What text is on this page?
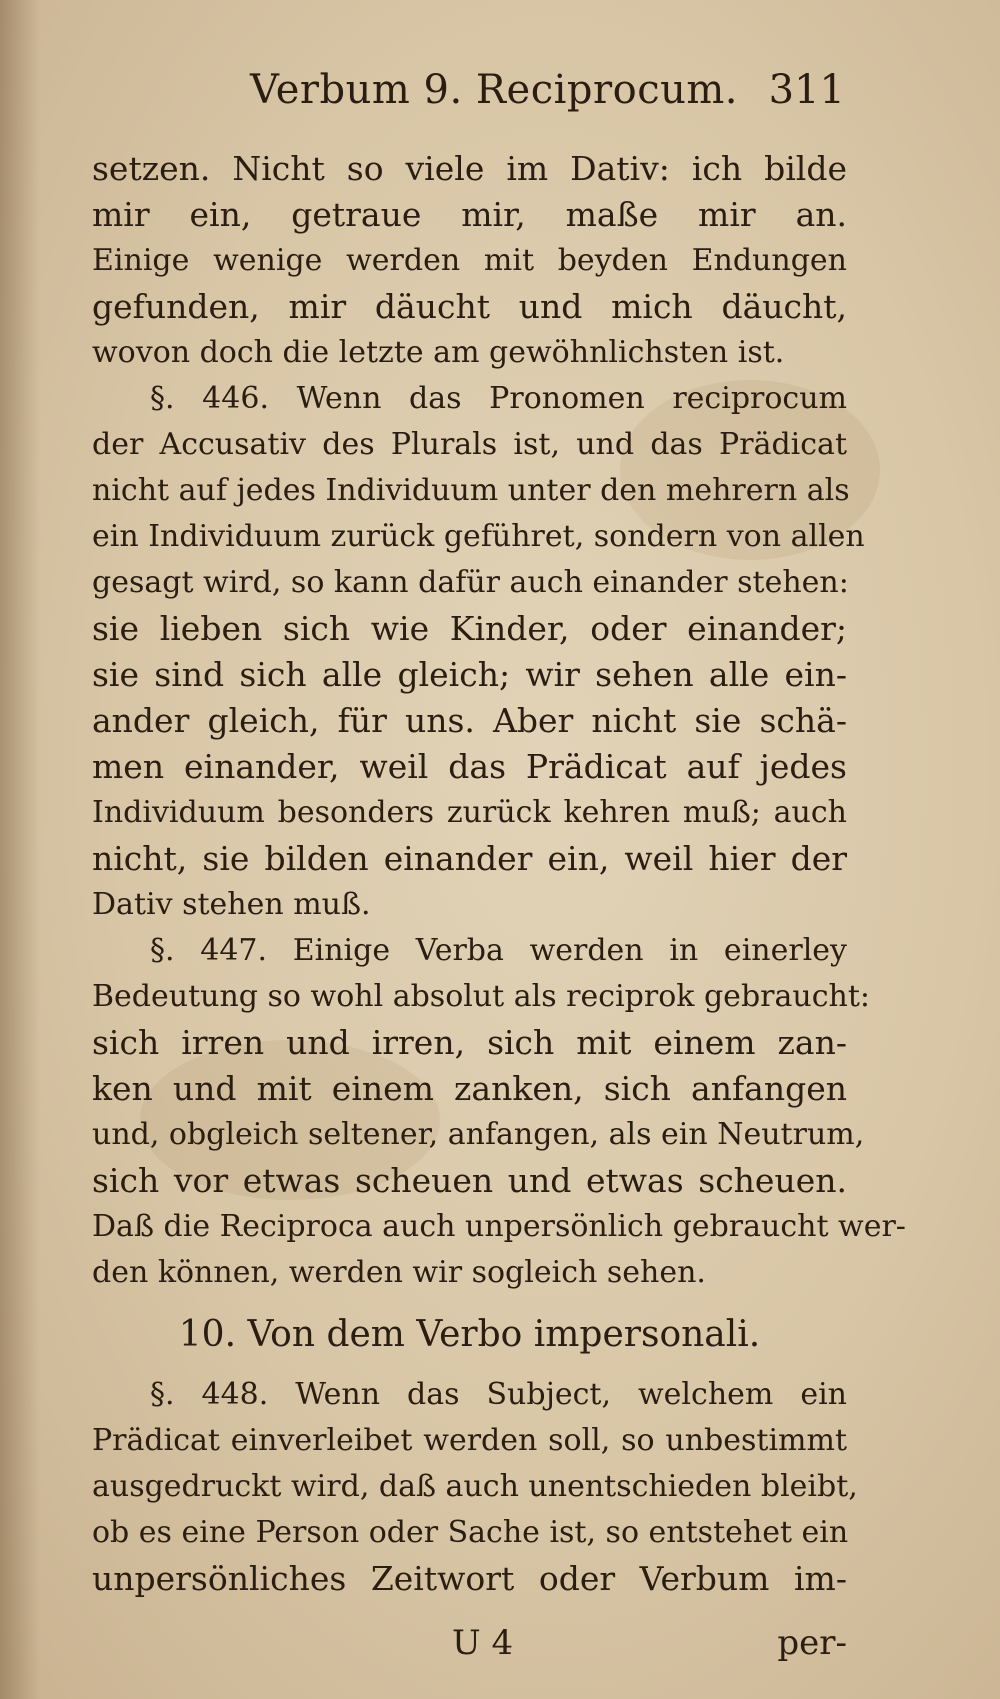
Verbum 9. Reciprocum. 311
setzen. Nicht so viele im Dativ: ich bilde
mir ein, getraue mir, maße mir an.
Einige wenige werden mit beyden Endungen
gefunden, mir däucht und mich däucht,
wovon doch die letzte am gewöhnlichsten ist.
§. 446. Wenn das Pronomen reciprocum
der Accusativ des Plurals ist, und das Prädicat
nicht auf jedes Individuum unter den mehrern als
ein Individuum zurück geführet, sondern von allen
gesagt wird, so kann dafür auch einander stehen:
sie lieben sich wie Kinder, oder einander;
sie sind sich alle gleich; wir sehen alle ein-
ander gleich, für uns. Aber nicht sie schä-
men einander, weil das Prädicat auf jedes
Individuum besonders zurück kehren muß; auch
nicht, sie bilden einander ein, weil hier der
Dativ stehen muß.
§. 447. Einige Verba werden in einerley
Bedeutung so wohl absolut als reciprok gebraucht:
sich irren und irren, sich mit einem zan-
ken und mit einem zanken, sich anfangen
und, obgleich seltener, anfangen, als ein Neutrum,
sich vor etwas scheuen und etwas scheuen.
Daß die Reciproca auch unpersönlich gebraucht wer-
den können, werden wir sogleich sehen.
10. Von dem Verbo impersonali.
§. 448. Wenn das Subject, welchem ein
Prädicat einverleibet werden soll, so unbestimmt
ausgedruckt wird, daß auch unentschieden bleibt,
ob es eine Person oder Sache ist, so entstehet ein
unpersönliches Zeitwort oder Verbum im-
U 4	per-
